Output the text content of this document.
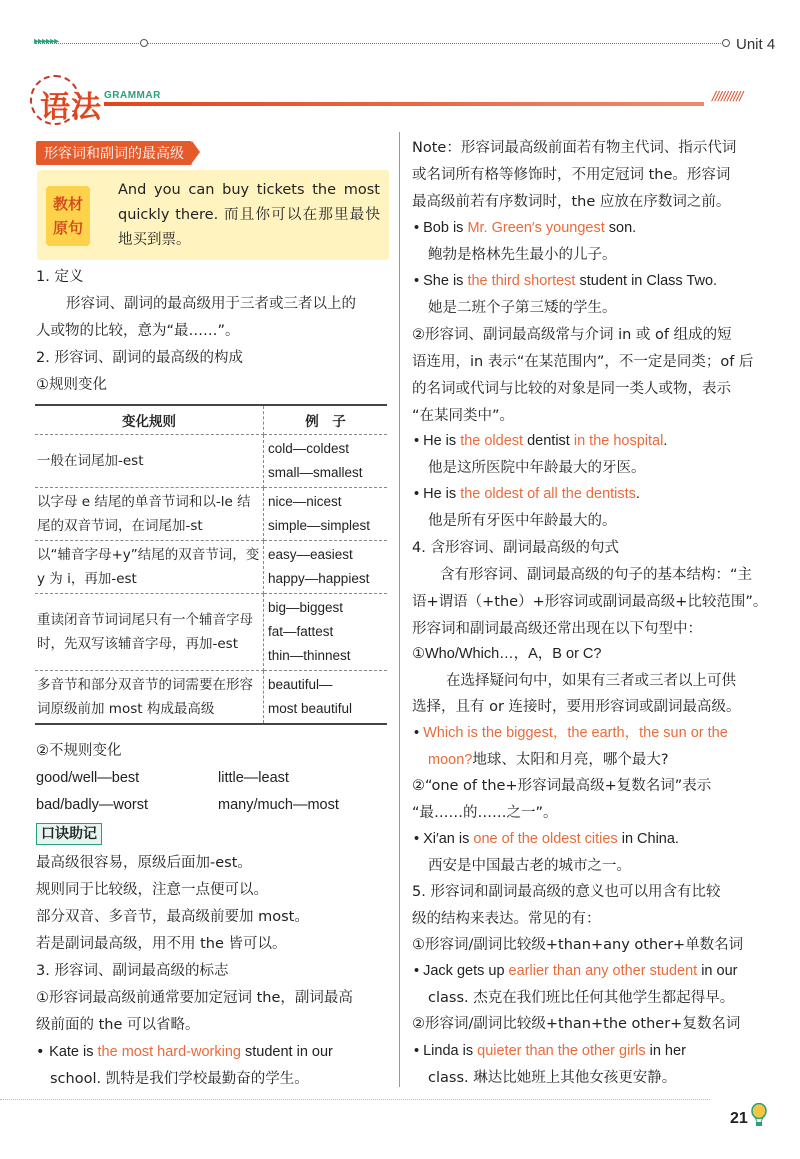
▸▸▸▸▸▸	Unit 4
语法 GRAMMAR	//////////
形容词和副词的最高级
教材
原句
And you can buy tickets the most quickly there. 而且你可以在那里最快地买到票。
1. 定义
形容词、副词的最高级用于三者或三者以上的
人或物的比较，意为“最……”。
2. 形容词、副词的最高级的构成
①规则变化
变化规则	例　子
一般在词尾加-est	cold—coldest
small—smallest

以字母 e 结尾的单音节词和以-le 结尾的双音节词，在词尾加-st	nice—nicest
simple—simplest

以“辅音字母+y”结尾的双音节词，变 y 为 i，再加-est	easy—easiest
happy—happiest

重读闭音节词词尾只有一个辅音字母时，先双写该辅音字母，再加-est	big—biggest
fat—fattest
thin—thinnest

多音节和部分双音节的词需要在形容词原级前加 most 构成最高级	beautiful—
most beautiful
②不规则变化
good/well—best	little—least
bad/badly—worst	many/much—most
口诀助记
最高级很容易，原级后面加-est。
规则同于比较级，注意一点便可以。
部分双音、多音节，最高级前要加 most。
若是副词最高级，用不用 the 皆可以。
3. 形容词、副词最高级的标志
①形容词最高级前通常要加定冠词 the，副词最高
级前面的 the 可以省略。
• Kate is the most hard-working student in our
school. 凯特是我们学校最勤奋的学生。
Note：形容词最高级前面若有物主代词、指示代词
或名词所有格等修饰时，不用定冠词 the。形容词
最高级前若有序数词时，the 应放在序数词之前。
• Bob is Mr. Green′s youngest son.
鲍勃是格林先生最小的儿子。
• She is the third shortest student in Class Two.
她是二班个子第三矮的学生。
②形容词、副词最高级常与介词 in 或 of 组成的短
语连用，in 表示“在某范围内”，不一定是同类；of 后
的名词或代词与比较的对象是同一类人或物，表示
“在某同类中”。
• He is the oldest dentist in the hospital.
他是这所医院中年龄最大的牙医。
• He is the oldest of all the dentists.
他是所有牙医中年龄最大的。
4. 含形容词、副词最高级的句式
含有形容词、副词最高级的句子的基本结构：“主
语+谓语（+the）+形容词或副词最高级+比较范围”。
形容词和副词最高级还常出现在以下句型中：
①Who/Which…，A，B or C?
在选择疑问句中，如果有三者或三者以上可供
选择，且有 or 连接时，要用形容词或副词最高级。
• Which is the biggest，the earth，the sun or the
moon?地球、太阳和月亮，哪个最大?
②“one of the+形容词最高级+复数名词”表示
“最……的……之一”。
• Xi′an is one of the oldest cities in China.
西安是中国最古老的城市之一。
5. 形容词和副词最高级的意义也可以用含有比较
级的结构来表达。常见的有：
①形容词/副词比较级+than+any other+单数名词
• Jack gets up earlier than any other student in our
class. 杰克在我们班比任何其他学生都起得早。
②形容词/副词比较级+than+the other+复数名词
• Linda is quieter than the other girls in her
class. 琳达比她班上其他女孩更安静。
21
